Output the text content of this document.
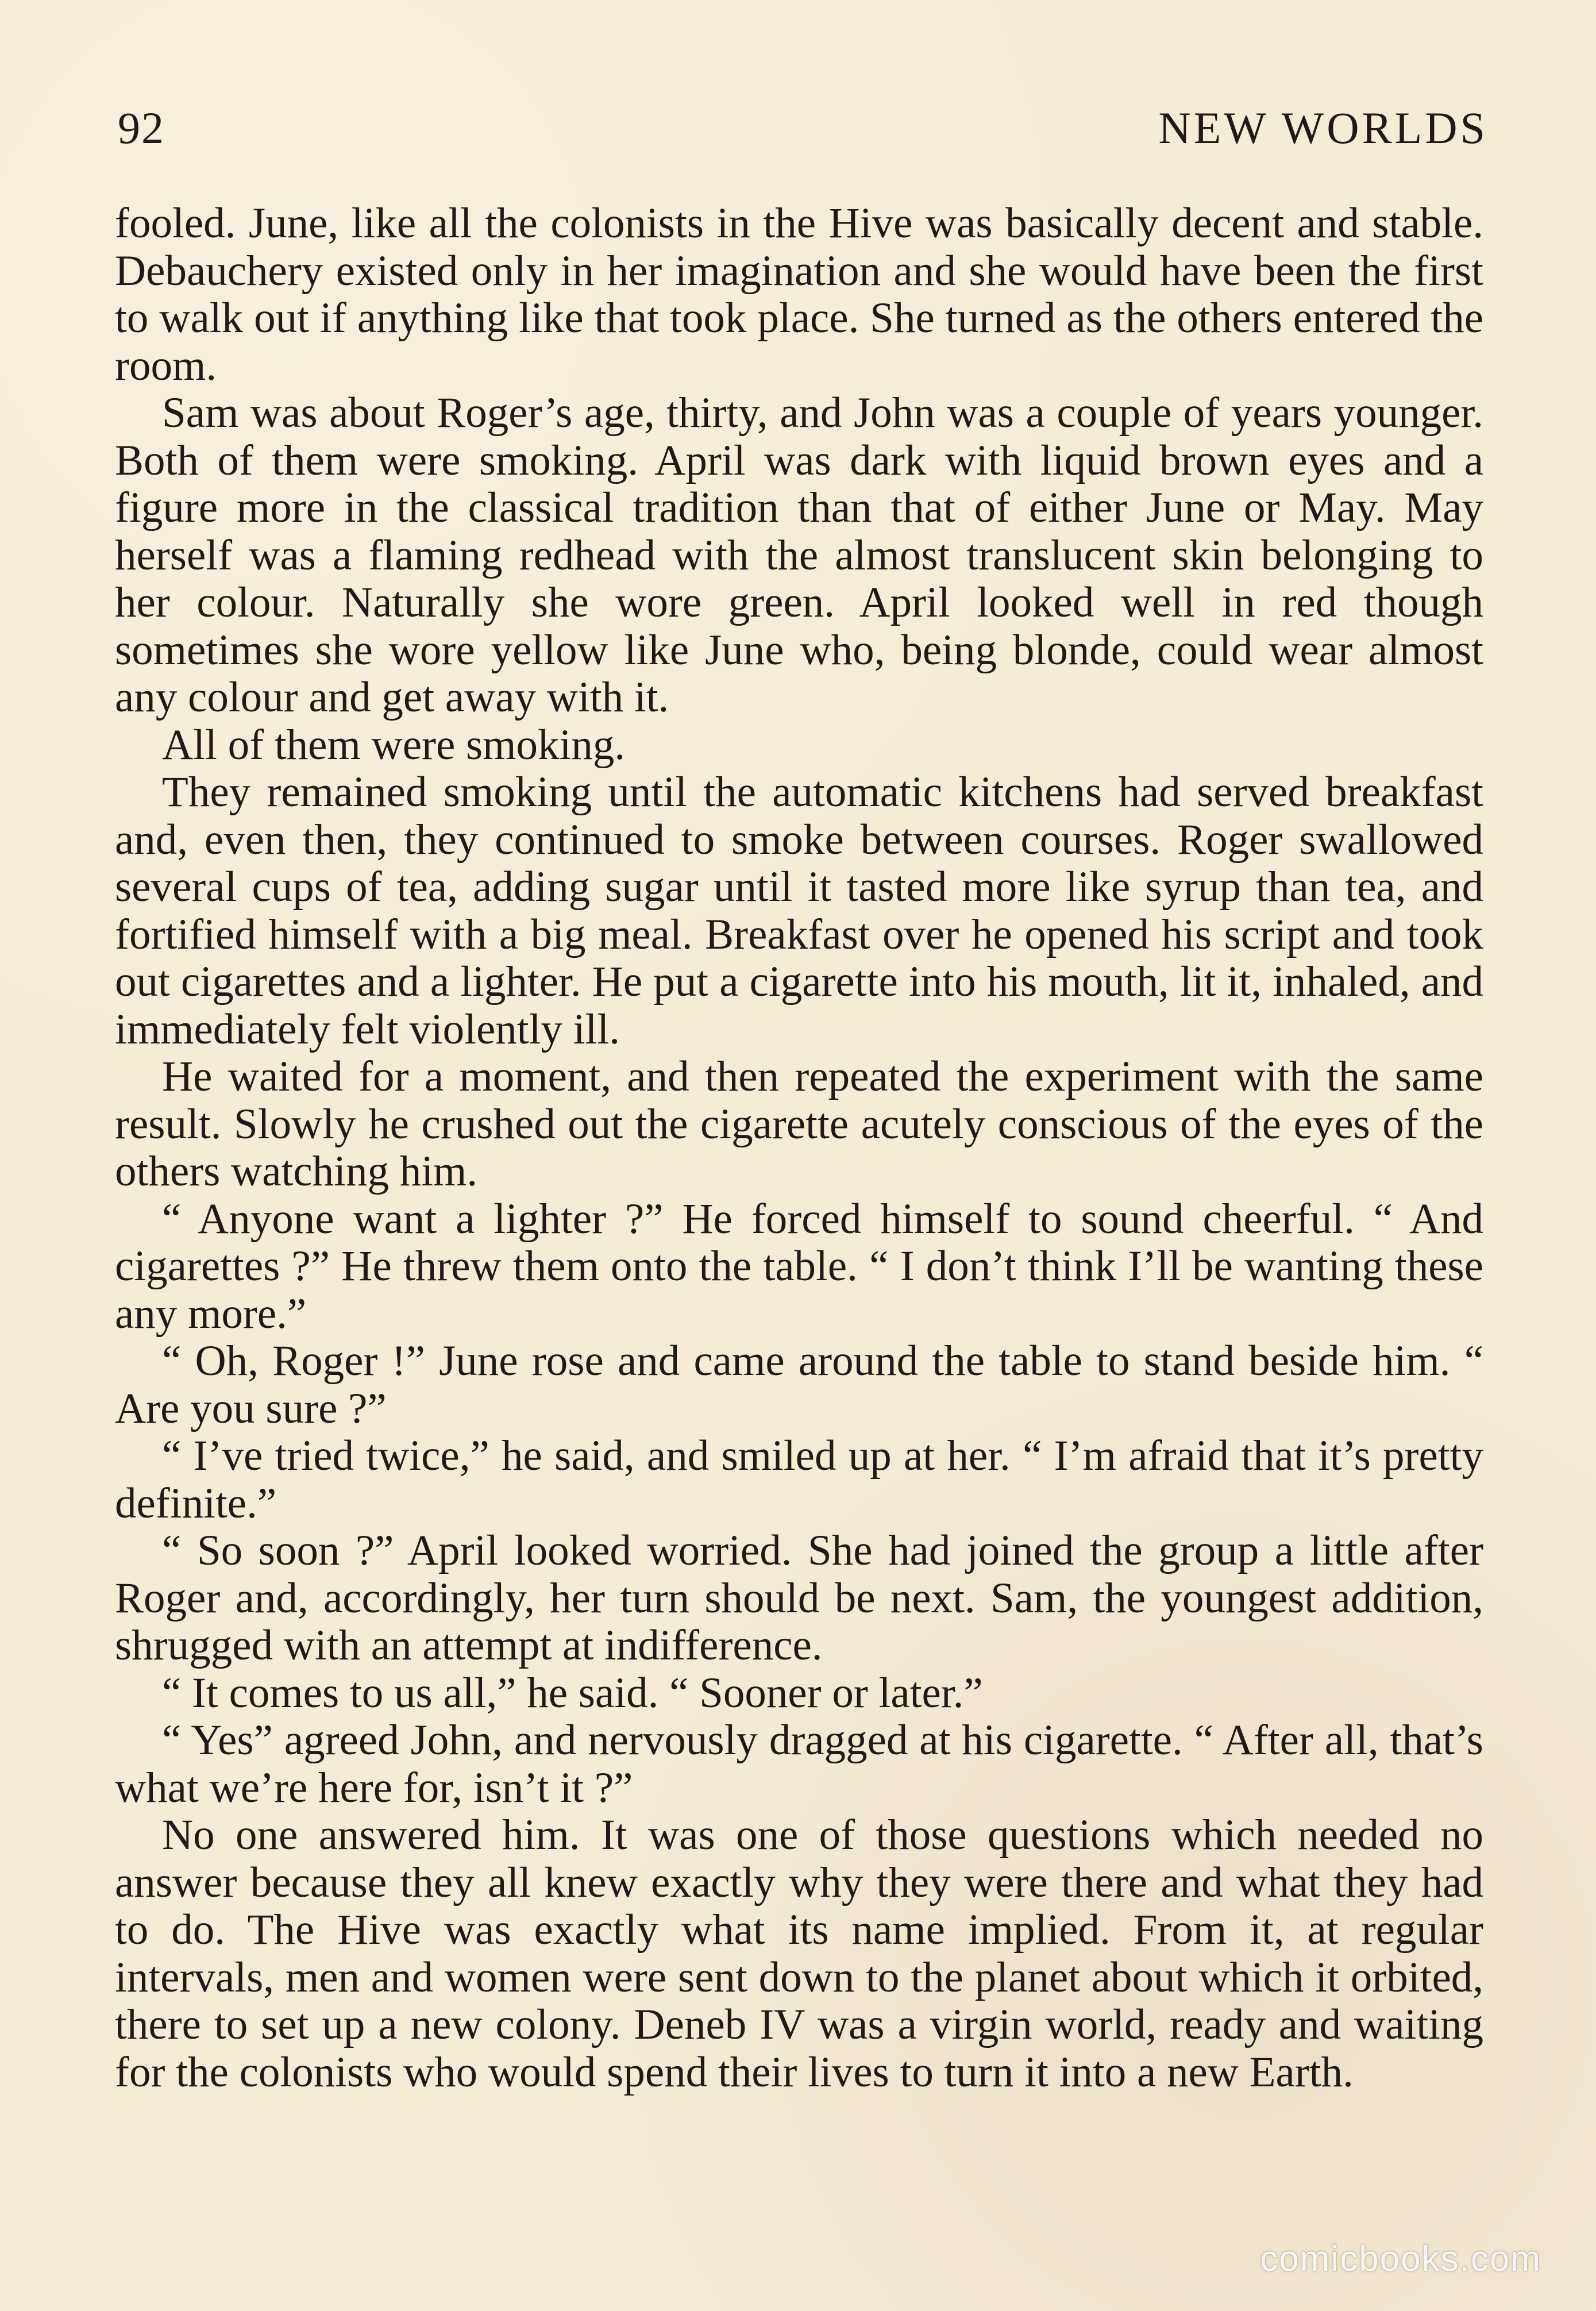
92	NEW WORLDS

fooled. June, like all the colonists in the Hive was basically decent and stable. Debauchery existed only in her imagination and she would have been the first to walk out if anything like that took place. She turned as the others entered the room.

Sam was about Roger’s age, thirty, and John was a couple of years younger. Both of them were smoking. April was dark with liquid brown eyes and a figure more in the classical tradition than that of either June or May. May herself was a flaming redhead with the almost translucent skin belonging to her colour. Naturally she wore green. April looked well in red though sometimes she wore yellow like June who, being blonde, could wear almost any colour and get away with it.

All of them were smoking.

They remained smoking until the automatic kitchens had served breakfast and, even then, they continued to smoke between courses. Roger swallowed several cups of tea, adding sugar until it tasted more like syrup than tea, and fortified himself with a big meal. Breakfast over he opened his script and took out cigarettes and a lighter. He put a cigarette into his mouth, lit it, inhaled, and immediately felt violently ill.

He waited for a moment, and then repeated the experiment with the same result. Slowly he crushed out the cigarette acutely conscious of the eyes of the others watching him.

“ Anyone want a lighter ?” He forced himself to sound cheerful. “ And cigarettes ?” He threw them onto the table. “ I don’t think I’ll be wanting these any more.”

“ Oh, Roger !” June rose and came around the table to stand beside him. “ Are you sure ?”

“ I’ve tried twice,” he said, and smiled up at her. “ I’m afraid that it’s pretty definite.”

“ So soon ?” April looked worried. She had joined the group a little after Roger and, accordingly, her turn should be next. Sam, the youngest addition, shrugged with an attempt at indifference.

“ It comes to us all,” he said. “ Sooner or later.”

“ Yes” agreed John, and nervously dragged at his cigarette. “ After all, that’s what we’re here for, isn’t it ?”

No one answered him. It was one of those questions which needed no answer because they all knew exactly why they were there and what they had to do. The Hive was exactly what its name implied. From it, at regular intervals, men and women were sent down to the planet about which it orbited, there to set up a new colony. Deneb IV was a virgin world, ready and waiting for the colonists who would spend their lives to turn it into a new Earth.

comicbooks.com
